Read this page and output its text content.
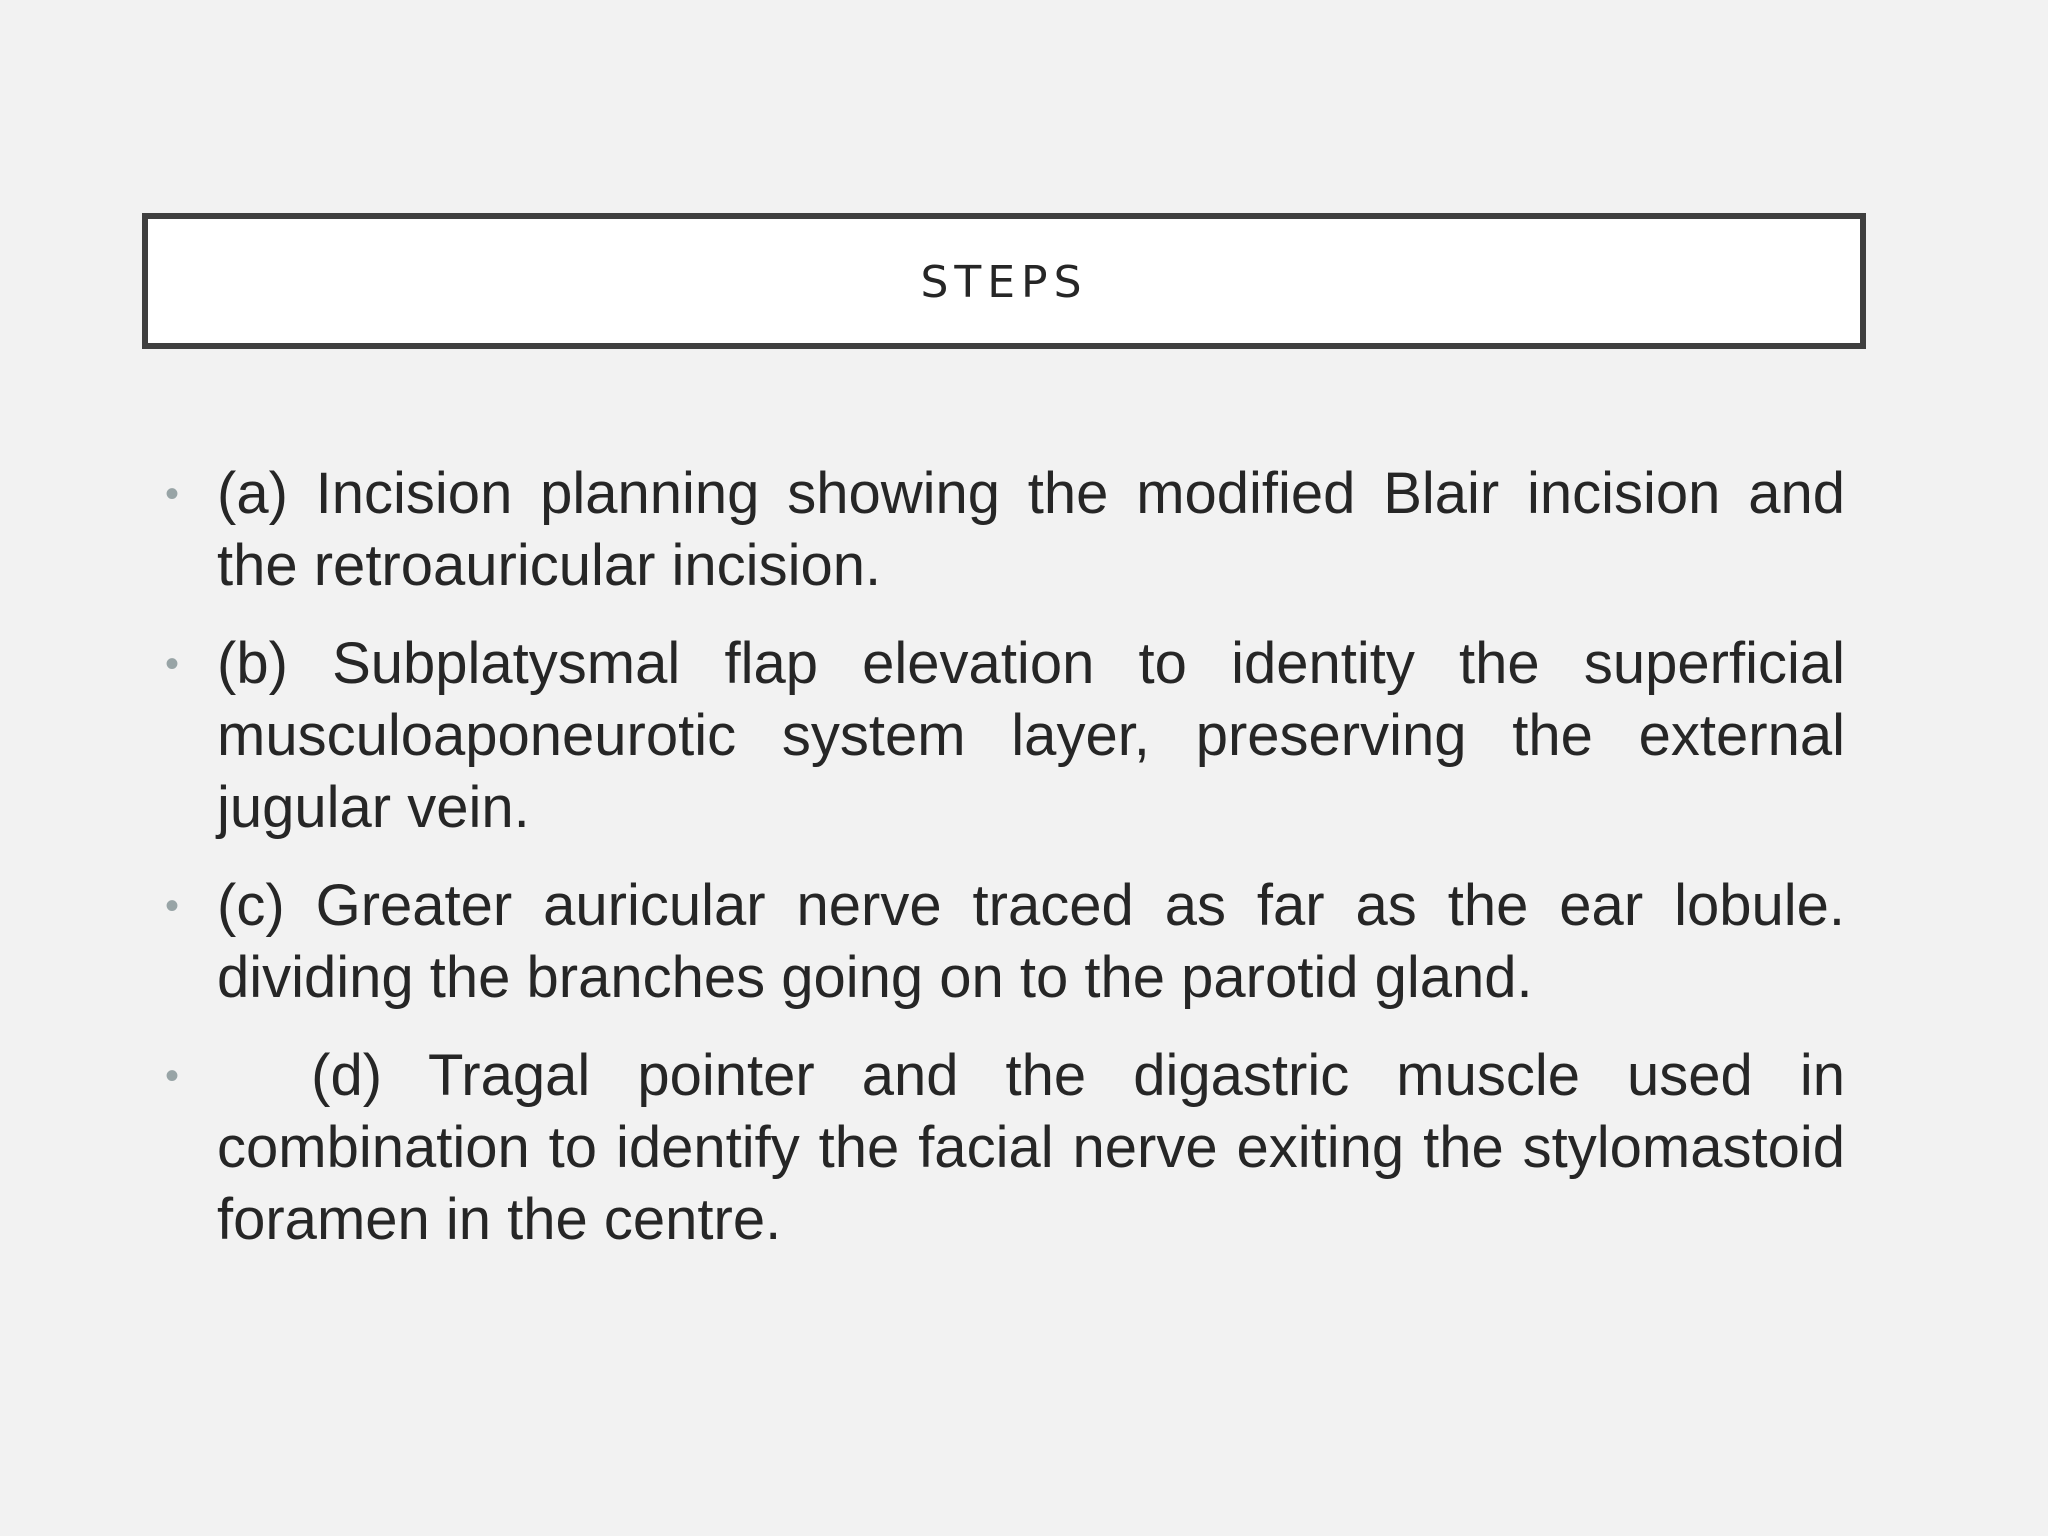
STEPS
• (a) Incision planning showing the modified Blair incision and the retroauricular incision.
• (b) Subplatysmal flap elevation to identity the superficial musculoaponeurotic system layer, preserving the external jugular vein.
• (c) Greater auricular nerve traced as far as the ear lobule. dividing the branches going on to the parotid gland.
• (d) Tragal pointer and the digastric muscle used in combination to identify the facial nerve exiting the stylomastoid foramen in the centre.
